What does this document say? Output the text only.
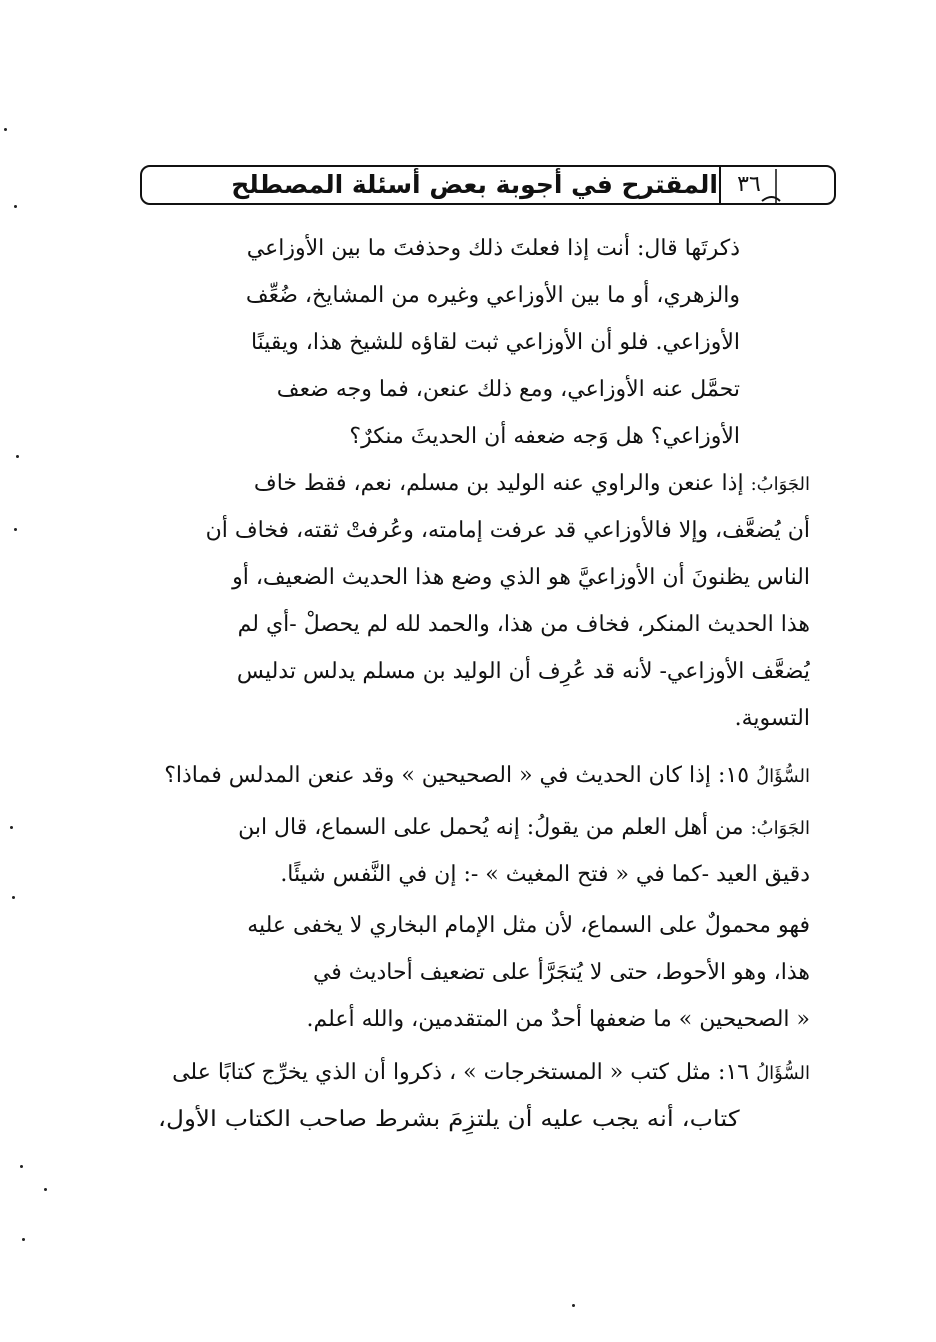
المقترح في أجوبة بعض أسئلة المصطلح ٣٦
ذكرتَها قال: أنت إذا فعلتَ ذلك وحذفتَ ما بين الأوزاعي
والزهري، أو ما بين الأوزاعي وغيره من المشايخ، ضُعِّف
الأوزاعي. فلو أن الأوزاعي ثبت لقاؤه للشيخ هذا، ويقينًا
تحمَّل عنه الأوزاعي، ومع ذلك عنعن، فما وجه ضعف
الأوزاعي؟ هل وَجه ضعفه أن الحديثَ منكرٌ؟
الجَوَابُ: إذا عنعن والراوي عنه الوليد بن مسلم، نعم، فقط خاف
أن يُضعَّف، وإلا فالأوزاعي قد عرفت إمامته، وعُرفتْ ثقته، فخاف أن
الناس يظنونَ أن الأوزاعيَّ هو الذي وضع هذا الحديث الضعيف، أو
هذا الحديث المنكر، فخاف من هذا، والحمد لله لم يحصلْ -أي لم
يُضعَّف الأوزاعي- لأنه قد عُرِف أن الوليد بن مسلم يدلس تدليس
التسوية.
السُّؤَالُ ١٥: إذا كان الحديث في « الصحيحين » وقد عنعن المدلس فماذا؟
الجَوَابُ: من أهل العلم من يقولُ: إنه يُحمل على السماع، قال ابن
دقيق العيد -كما في « فتح المغيث » -: إن في النَّفس شيئًا.
فهو محمولٌ على السماع، لأن مثل الإمام البخاري لا يخفى عليه
هذا، وهو الأحوط، حتى لا يُتجَرَّأ على تضعيف أحاديث في
« الصحيحين » ما ضعفها أحدٌ من المتقدمين، والله أعلم.
السُّؤَالُ ١٦: مثل كتب « المستخرجات » ، ذكروا أن الذي يخرِّج كتابًا على
كتاب، أنه يجب عليه أن يلتزِمَ بشرط صاحب الكتاب الأول،
